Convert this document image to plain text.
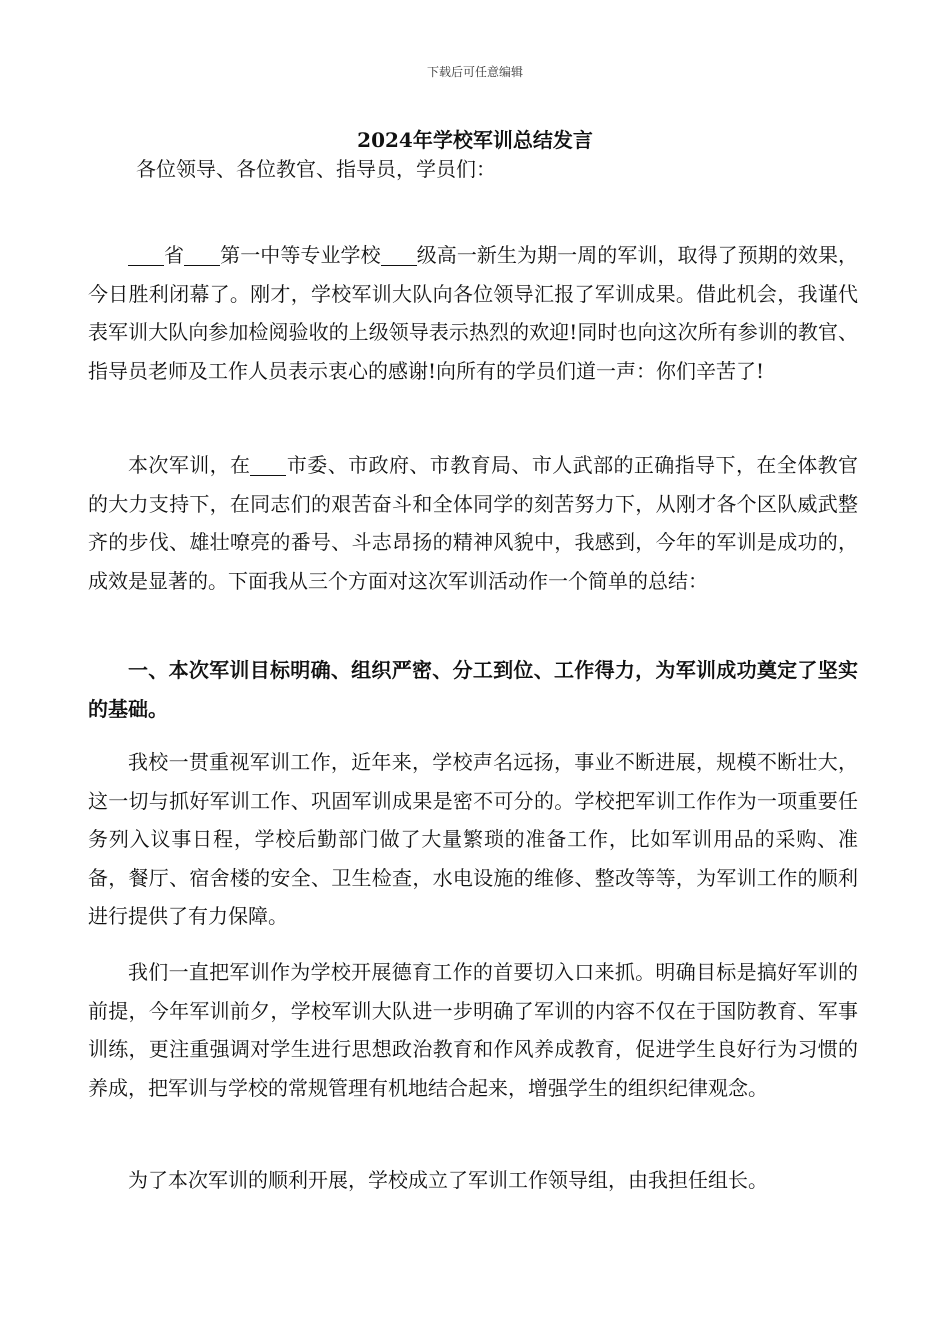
下载后可任意编辑
2024年学校军训总结发言
各位领导、各位教官、指导员，学员们：
省 第一中等专业学校 级高一新生为期一周的军训，取得了预期的效果，今日胜利闭幕了。刚才，学校军训大队向各位领导汇报了军训成果。借此机会，我谨代表军训大队向参加检阅验收的上级领导表示热烈的欢迎!同时也向这次所有参训的教官、指导员老师及工作人员表示衷心的感谢!向所有的学员们道一声：你们辛苦了!
本次军训，在 市委、市政府、市教育局、市人武部的正确指导下，在全体教官的大力支持下，在同志们的艰苦奋斗和全体同学的刻苦努力下，从刚才各个区队威武整齐的步伐、雄壮嘹亮的番号、斗志昂扬的精神风貌中，我感到，今年的军训是成功的，成效是显著的。下面我从三个方面对这次军训活动作一个简单的总结：
一、本次军训目标明确、组织严密、分工到位、工作得力，为军训成功奠定了坚实的基础。
我校一贯重视军训工作，近年来，学校声名远扬，事业不断进展，规模不断壮大，这一切与抓好军训工作、巩固军训成果是密不可分的。学校把军训工作作为一项重要任务列入议事日程，学校后勤部门做了大量繁琐的准备工作，比如军训用品的采购、准备，餐厅、宿舍楼的安全、卫生检查，水电设施的维修、整改等等，为军训工作的顺利进行提供了有力保障。
我们一直把军训作为学校开展德育工作的首要切入口来抓。明确目标是搞好军训的前提，今年军训前夕，学校军训大队进一步明确了军训的内容不仅在于国防教育、军事训练，更注重强调对学生进行思想政治教育和作风养成教育，促进学生良好行为习惯的养成，把军训与学校的常规管理有机地结合起来，增强学生的组织纪律观念。
为了本次军训的顺利开展，学校成立了军训工作领导组，由我担任组长。
